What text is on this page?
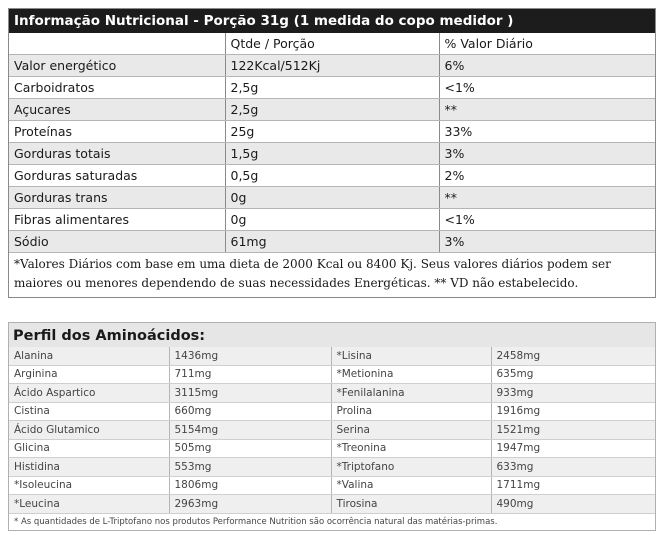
Informação Nutricional - Porção 31g (1 medida do copo medidor )
	Qtde / Porção	% Valor Diário
Valor energético	122Kcal/512Kj	6%
Carboidratos	2,5g	<1%
Açucares	2,5g	**
Proteínas	25g	33%
Gorduras totais	1,5g	3%
Gorduras saturadas	0,5g	2%
Gorduras trans	0g	**
Fibras alimentares	0g	<1%
Sódio	61mg	3%
*Valores Diários com base em uma dieta de 2000 Kcal ou 8400 Kj. Seus valores diários podem ser maiores ou menores dependendo de suas necessidades Energéticas. ** VD não estabelecido.
Perfil dos Aminoácidos:
Alanina	1436mg	*Lisina	2458mg
Arginina	711mg	*Metionina	635mg
Ácido Aspartico	3115mg	*Fenilalanina	933mg
Cistina	660mg	Prolina	1916mg
Ácido Glutamico	5154mg	Serina	1521mg
Glicina	505mg	*Treonina	1947mg
Histidina	553mg	*Triptofano	633mg
*Isoleucina	1806mg	*Valina	1711mg
*Leucina	2963mg	Tirosina	490mg
* As quantidades de L-Triptofano nos produtos Performance Nutrition são ocorrência natural das matérias-primas.
